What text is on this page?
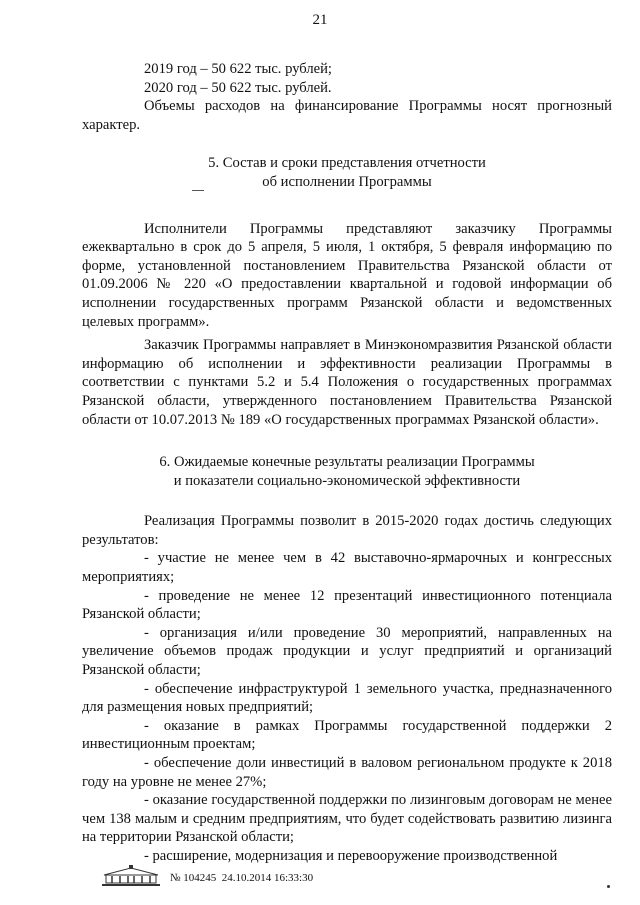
21

2019 год – 50 622 тыс. рублей;

2020 год – 50 622 тыс. рублей.

Объемы расходов на финансирование Программы носят прогнозный характер.

5. Состав и сроки представления отчетности

об исполнении Программы

Исполнители Программы представляют заказчику Программы ежеквартально в срок до 5 апреля, 5 июля, 1 октября, 5 февраля информацию по форме, установленной постановлением Правительства Рязанской области от 01.09.2006 № 220 «О предоставлении квартальной и годовой информации об исполнении государственных программ Рязанской области и ведомственных целевых программ».

Заказчик Программы направляет в Минэкономразвития Рязанской области информацию об исполнении и эффективности реализации Программы в соответствии с пунктами 5.2 и 5.4 Положения о государственных программах Рязанской области, утвержденного постановлением Правительства Рязанской области от 10.07.2013 № 189 «О государственных программах Рязанской области».

6. Ожидаемые конечные результаты реализации Программы

и показатели социально-экономической эффективности

Реализация Программы позволит в 2015-2020 годах достичь следующих результатов:

- участие не менее чем в 42 выставочно-ярмарочных и конгрессных мероприятиях;

- проведение не менее 12 презентаций инвестиционного потенциала Рязанской области;

- организация и/или проведение 30 мероприятий, направленных на увеличение объемов продаж продукции и услуг предприятий и организаций Рязанской области;

- обеспечение инфраструктурой 1 земельного участка, предназначенного для размещения новых предприятий;

- оказание в рамках Программы государственной поддержки 2 инвестиционным проектам;

- обеспечение доли инвестиций в валовом региональном продукте к 2018 году на уровне не менее 27%;

- оказание государственной поддержки по лизинговым договорам не менее чем 138 малым и средним предприятиям, что будет содействовать развитию лизинга на территории Рязанской области;

- расширение, модернизация и перевооружение производственной

№ 104245 24.10.2014 16:33:30
